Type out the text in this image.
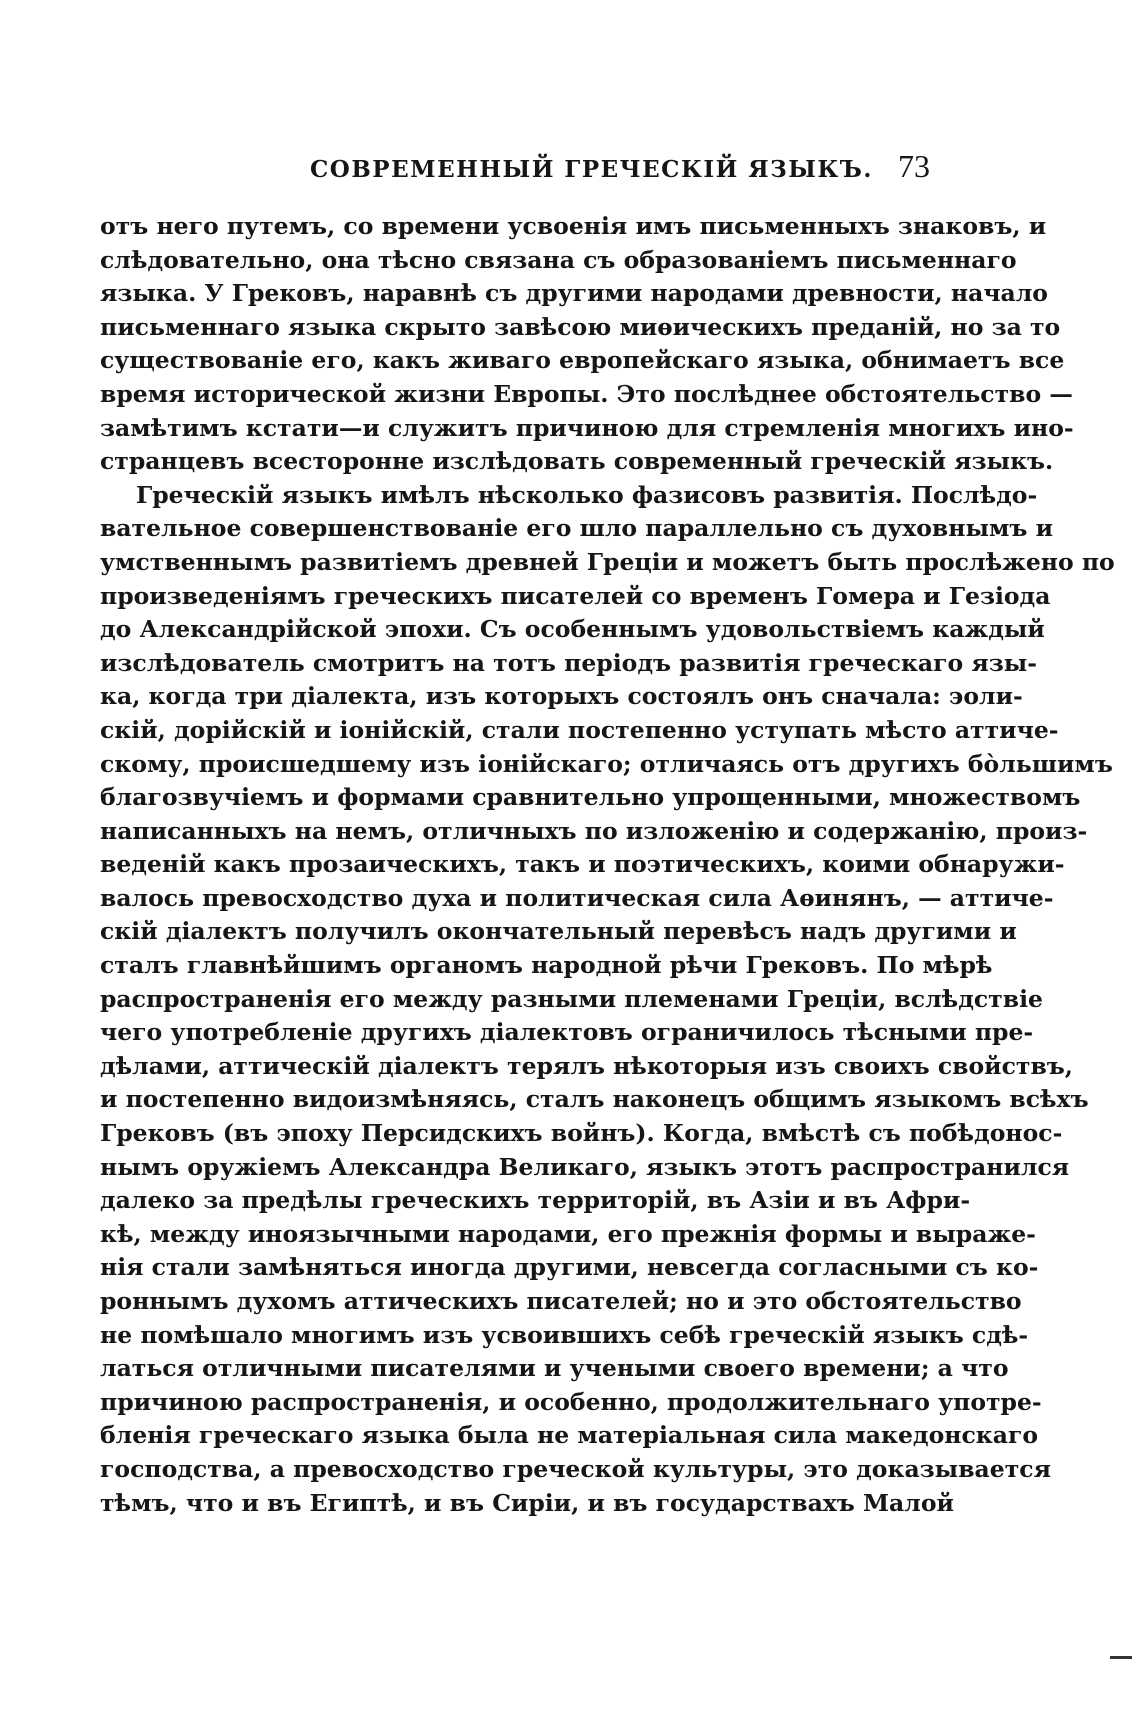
СОВРЕМЕННЫЙ ГРЕЧЕСКІЙ ЯЗЫКЪ. 73
отъ него путемъ, со времени усвоенія имъ письменныхъ знаковъ, и
слѣдовательно, она тѣсно связана съ образованіемъ письменнаго
языка. У Грековъ, наравнѣ съ другими народами древности, начало
письменнаго языка скрыто завѣсою миѳическихъ преданій, но за то
существованіе его, какъ живаго европейскаго языка, обнимаетъ все
время исторической жизни Европы. Это послѣднее обстоятельство —
замѣтимъ кстати—и служитъ причиною для стремленія многихъ ино-
странцевъ всесторонне изслѣдовать современный греческій языкъ.
Греческій языкъ имѣлъ нѣсколько фазисовъ развитія. Послѣдо-
вательное совершенствованіе его шло параллельно съ духовнымъ и
умственнымъ развитіемъ древней Греціи и можетъ быть прослѣжено по
произведеніямъ греческихъ писателей со временъ Гомера и Гезіода
до Александрійской эпохи. Съ особеннымъ удовольствіемъ каждый
изслѣдователь смотритъ на тотъ періодъ развитія греческаго язы-
ка, когда три діалекта, изъ которыхъ состоялъ онъ сначала: эоли-
скій, дорійскій и іонійскій, стали постепенно уступать мѣсто аттиче-
скому, происшедшему изъ іонійскаго; отличаясь отъ другихъ бо̀льшимъ
благозвучіемъ и формами сравнительно упрощенными, множествомъ
написанныхъ на немъ, отличныхъ по изложенію и содержанію, произ-
веденій какъ прозаическихъ, такъ и поэтическихъ, коими обнаружи-
валось превосходство духа и политическая сила Аѳинянъ, — аттиче-
скій діалектъ получилъ окончательный перевѣсъ надъ другими и
сталъ главнѣйшимъ органомъ народной рѣчи Грековъ. По мѣрѣ
распространенія его между разными племенами Греціи, вслѣдствіе
чего употребленіе другихъ діалектовъ ограничилось тѣсными пре-
дѣлами, аттическій діалектъ терялъ нѣкоторыя изъ своихъ свойствъ,
и постепенно видоизмѣняясь, сталъ наконецъ общимъ языкомъ всѣхъ
Грековъ (въ эпоху Персидскихъ войнъ). Когда, вмѣстѣ съ побѣдонос-
нымъ оружіемъ Александра Великаго, языкъ этотъ распространился
далеко за предѣлы греческихъ территорій, въ Азіи и въ Афри-
кѣ, между иноязычными народами, его прежнія формы и выраже-
нія стали замѣняться иногда другими, невсегда согласными съ ко-
роннымъ духомъ аттическихъ писателей; но и это обстоятельство
не помѣшало многимъ изъ усвоившихъ себѣ греческій языкъ сдѣ-
латься отличными писателями и учеными своего времени; а что
причиною распространенія, и особенно, продолжительнаго употре-
бленія греческаго языка была не матеріальная сила македонскаго
господства, а превосходство греческой культуры, это доказывается
тѣмъ, что и въ Египтѣ, и въ Сиріи, и въ государствахъ Малой
